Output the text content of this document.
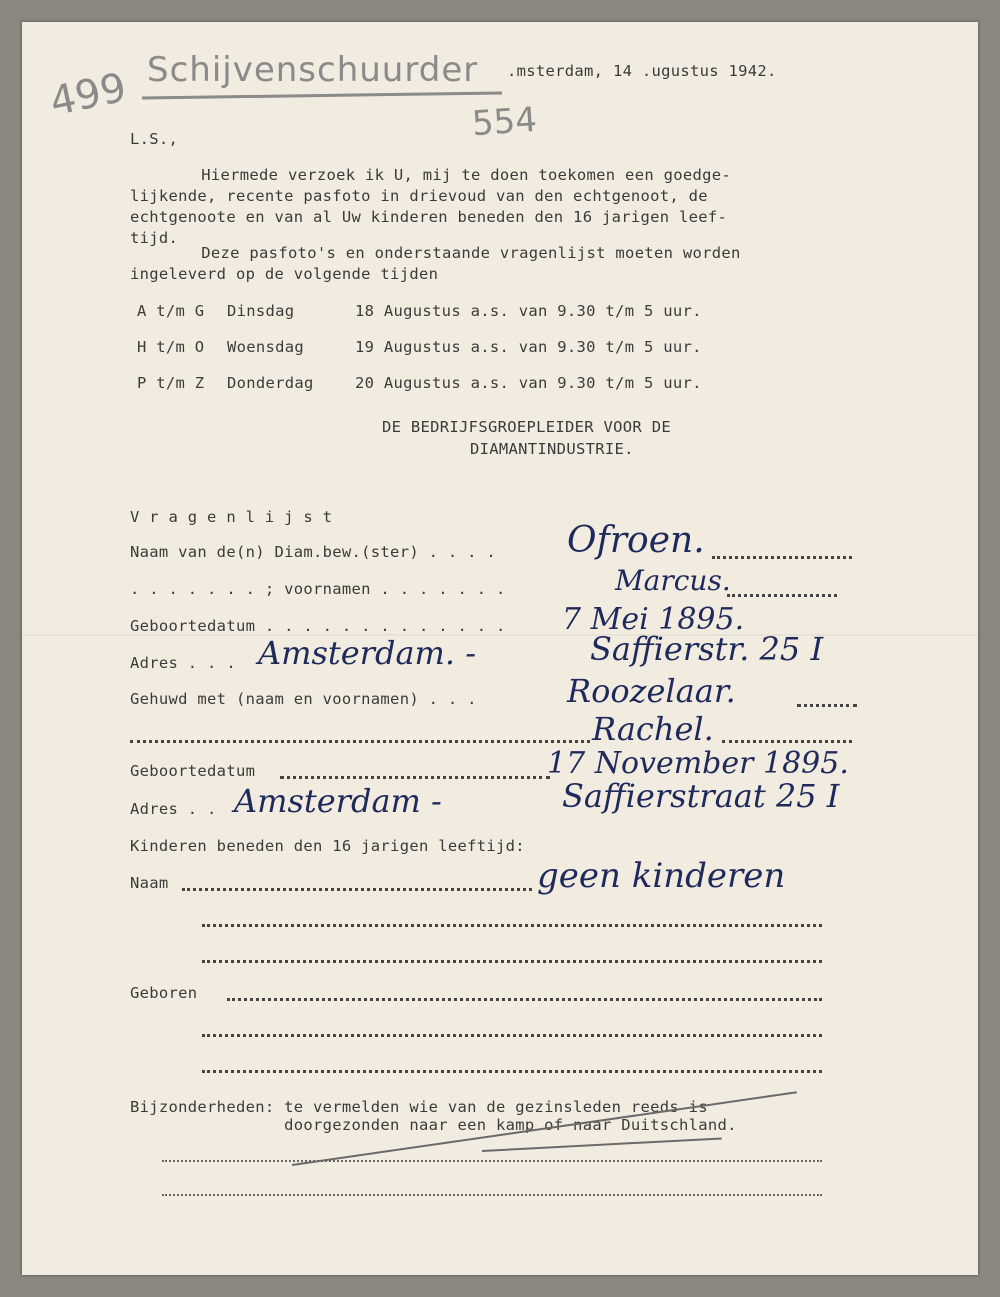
499 Schijvenschuurder
554
.msterdam, 14 .ugustus 1942.
L.S.,
Hiermede verzoek ik U, mij te doen toekomen een goedge-
lijkende, recente pasfoto in drievoud van den echtgenoot, de
echtgenoote en van al Uw kinderen beneden den 16 jarigen leef-
tijd.
Deze pasfoto's en onderstaande vragenlijst moeten worden
ingeleverd op de volgende tijden
A t/m G Dinsdag	18 Augustus a.s. van 9.30 t/m 5 uur.
H t/m O Woensdag	19 Augustus a.s. van 9.30 t/m 5 uur.
P t/m Z Donderdag	20 Augustus a.s. van 9.30 t/m 5 uur.
DE BEDRIJFSGROEPLEIDER VOOR DE
DIAMANTINDUSTRIE.
V r a g e n l i j s t
Naam van de(n) Diam.bew.(ster) . . . . Ofroen.
. . . . . . . ; voornamen . . . . . . .	Marcus.
Geboortedatum . . . . . . . . . . . . . 7 Mei 1895.
Adres . . . Amsterdam. -	Saffierstr. 25 I
Gehuwd met (naam en voornamen) . . .	Roozelaar.
Rachel.
Geboortedatum	17 November 1895.
Adres . . Amsterdam -	Saffierstraat 25 I
Kinderen beneden den 16 jarigen leeftijd:
Naam	geen kinderen
Geboren
Bijzonderheden: te vermelden wie van de gezinsleden reeds is
doorgezonden naar een kamp of naar Duitschland.
